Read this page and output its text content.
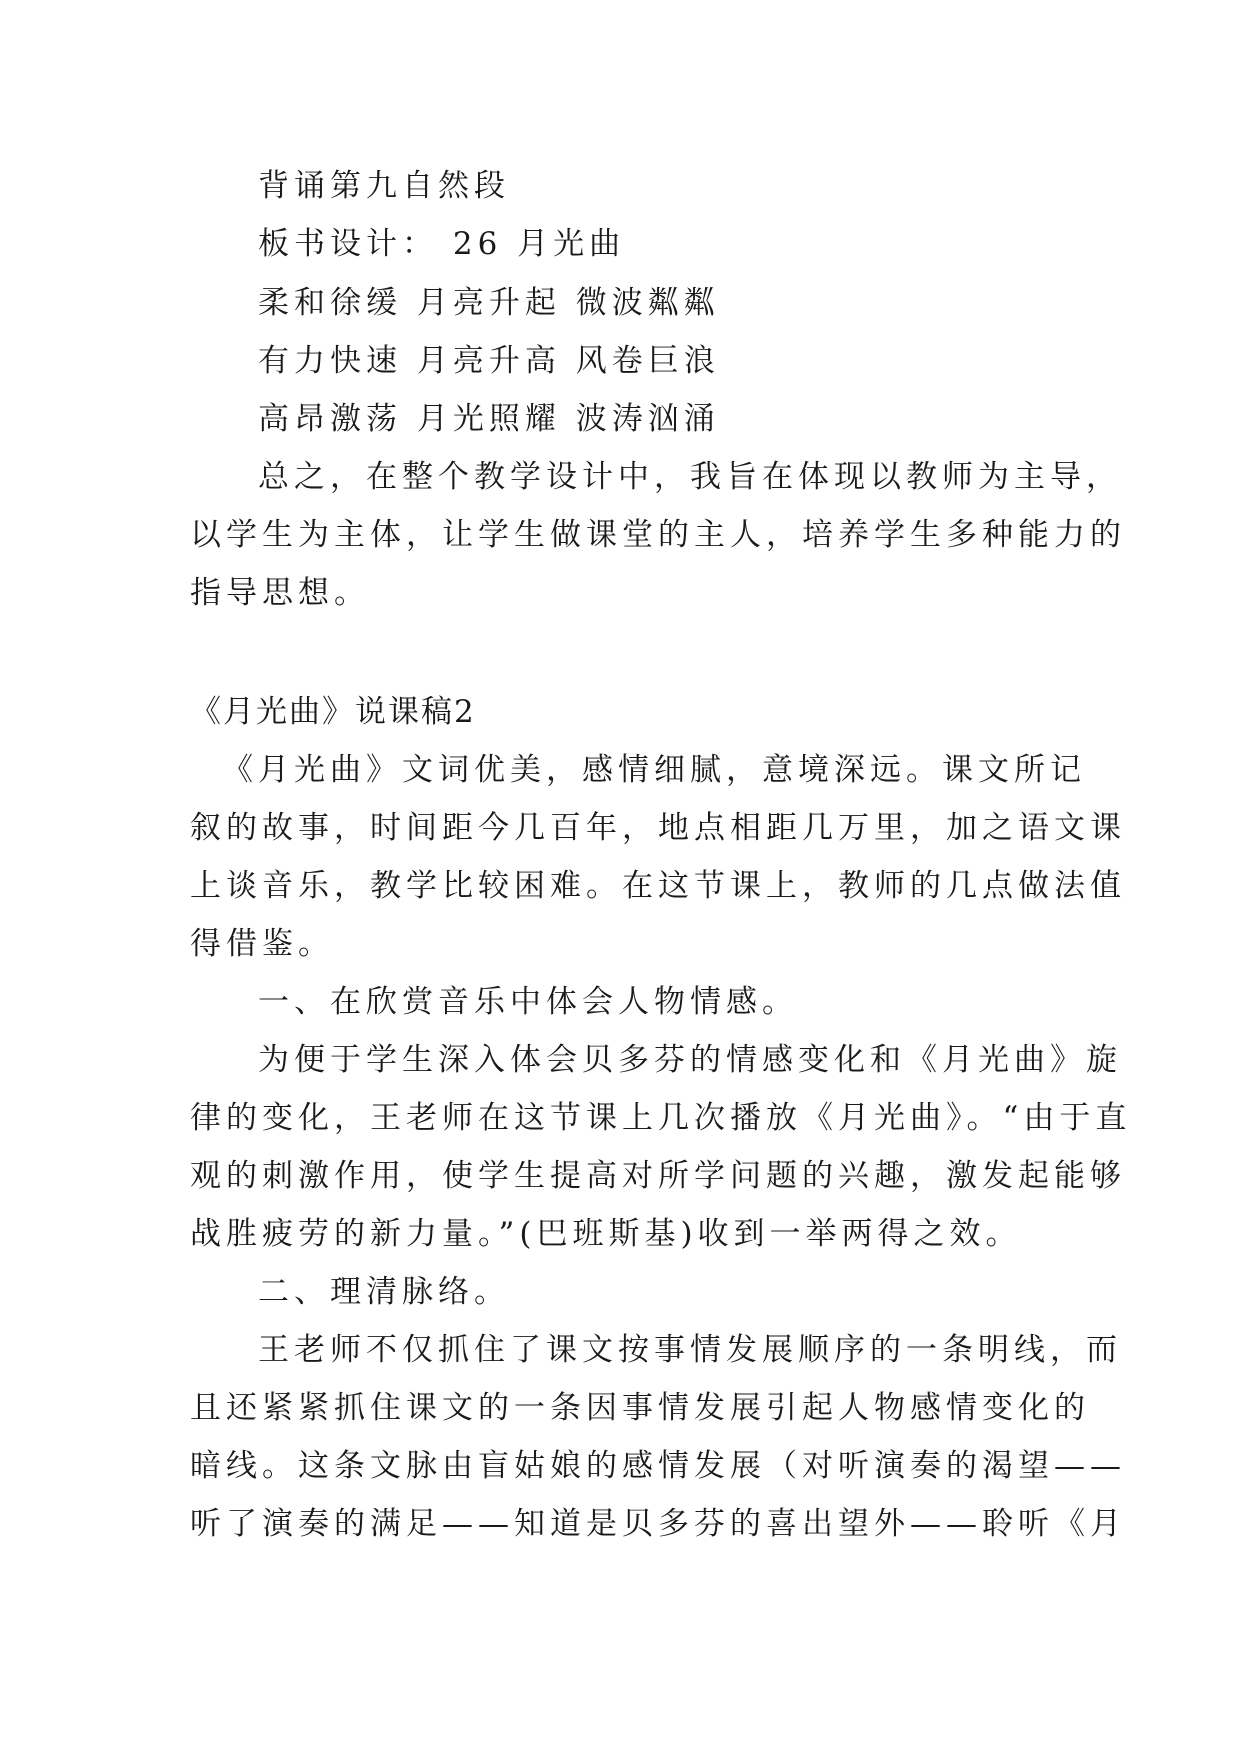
背诵第九自然段
板书设计： 26 月光曲
柔和徐缓 月亮升起 微波粼粼
有力快速 月亮升高 风卷巨浪
高昂激荡 月光照耀 波涛汹涌
总之，在整个教学设计中，我旨在体现以教师为主导，
以学生为主体，让学生做课堂的主人，培养学生多种能力的
指导思想。
《月光曲》说课稿2
《月光曲》文词优美，感情细腻，意境深远。课文所记
叙的故事，时间距今几百年，地点相距几万里，加之语文课
上谈音乐，教学比较困难。在这节课上，教师的几点做法值
得借鉴。
一、在欣赏音乐中体会人物情感。
为便于学生深入体会贝多芬的情感变化和《月光曲》旋
律的变化，王老师在这节课上几次播放《月光曲》。“由于直
观的刺激作用，使学生提高对所学问题的兴趣，激发起能够
战胜疲劳的新力量。”(巴班斯基)收到一举两得之效。
二、理清脉络。
王老师不仅抓住了课文按事情发展顺序的一条明线，而
且还紧紧抓住课文的一条因事情发展引起人物感情变化的
暗线。这条文脉由盲姑娘的感情发展（对听演奏的渴望——
听了演奏的满足——知道是贝多芬的喜出望外——聆听《月
